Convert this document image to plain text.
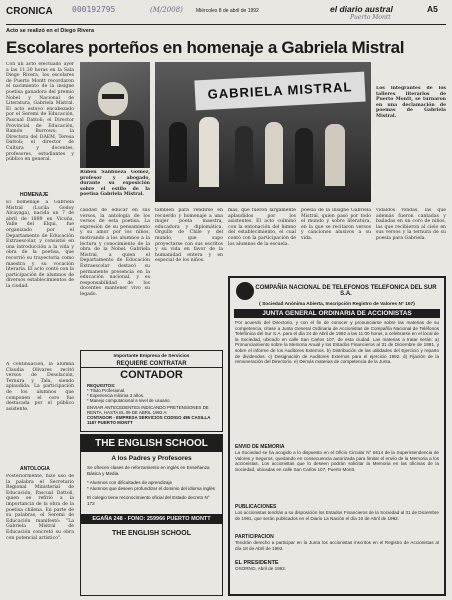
CRONICA 000192795	(M/2008)	Miércoles 8 de abril de 1992	el diario austral	A5
Puerto Montt
Acto se realizó en el Diego Rivera
Escolares porteños en homenaje a Gabriela Mistral
Con un acto efectuado ayer a las 11.30 horas en la Sala Diego Rivera, los escolares de Puerto Montt recordaron el nacimiento de la insigne poetisa ganadora del premio Nobel y Nacional de Literatura, Gabriela Mistral. El acto estuvo encabezado por el Seremi de Educación, Pascual Dattoli; el Director Provincial de Educación, Ramón Burrows; la Directora del DAEM, Teresa Dattoli; el director de Cultura y docentes, profesores, estudiantes y público en general.
HOMENAJE
El homenaje a Gabriela Mistral (Lucila Godoy Alcayaga), nacida un 7 de abril de 1889 en Vicuña, Valle del Elqui, fue organizado por el Departamento de Educación Extraescolar, y consistió en una introducción a la vida y obra de la poetisa, que recorrió su trayectoria como maestra y su vocación literaria. El acto contó con la participación de alumnos de diversos establecimientos de la ciudad.
A continuación, la alumna Claudia Olivares recitó versos de Desolación, Ternura y Tala, siendo aplaudida. La participación de los alumnos que componen el coro fue destacada por el público asistente.
ANTOLOGIA
Posteriormente, hizo uso de la palabra el Secretario Regional Ministerial de Educación, Pascual Dattoli, quien se refirió a la importancia de la obra de la poetisa chilena. En parte de su palabras, el Seremi de Educación manifestó: "La Gabriela Mistral de Educación concretó su obra con potencial artístico".
Rubén Sanhueza Gómez, profesor y abogado, durante su exposición sobre el estilo de la poetisa Gabriela Mistral.
GABRIELA MISTRAL	Los integrantes de los talleres literarios de Puerto Montt, se turnaron en una declamación de poemas de Gabriela Mistral.
calidad de educar en sus versos, la antología de los versos de esta poetisa. La expresión de su pensamiento y su amor por los niños, motivando a los alumnos a la lectura y conocimiento de la obra de la Nobel. Gabriela Mistral, a quien el Departamento de Educación Extraescolar destacó su permanente presencia en la educación nacional, y es responsabilidad de los docentes mantener vivo su legado.
también para rendirse en recuerdo y homenaje a una mujer poeta maestra, educadora y diplomática. Orgullo de Chile y del mundo, que supo proyectarse con sus escritos y su vida en favor de la humanidad entera y en especial de los niños.
mas, que fueron largamente aplaudidos por los asistentes. El acto culminó con la entonación del himno del establecimiento, el cual contó con la participación de los alumnos de la escuela.
poesía de la insigne Gabriela Mistral, quien pasó por todo el mundo y sobre literatura, en la que se recitaron versos y canciones alusivos a su vida.
vidaldos rondas, las que además fueron cantadas y bailadas en un coro de niños, las que recibieron al cielo en sus versos y la ternura de su poesía para Gabriela.
Importante Empresa de Servicios
REQUIERE CONTRATAR
CONTADOR
REQUISITOS:
* Título Profesional.
* Experiencia mínima 3 años.
* Manejo computacional a nivel de usuario.
ENVIAR ANTECEDENTES INDICANDO PRETENSIONES DE RENTA, HASTA EL 09 DE ABRIL 1992 A:
CONTADOR - EMPRESA SERVICIOS CODIGO 486 CASILLA 1187 PUERTO MONTT
THE ENGLISH SCHOOL
A los Padres y Profesores
Se ofrecen clases de reforzamiento en inglés en Enseñanza Básica y Media.
* Alumnos con dificultades de aprendizaje
* Alumnos que deseen profundizar el dominio del idioma inglés
El colegio tiene reconocimiento oficial del Estado decreto N° 172
EGAÑA 248 - FONO: 259966 PUERTO MONTT
THE ENGLISH SCHOOL
COMPAÑIA NACIONAL DE TELEFONOS TELEFONICA DEL SUR S.A.
( Sociedad Anónima Abierta, Inscripción Registro de Valores N° 167)
JUNTA GENERAL ORDINARIA DE ACCIONISTAS
Por acuerdo del Directorio, y con el fin de conocer y pronunciarse sobre las materias de su competencia, cítase a Junta General Ordinaria de Accionistas de Compañía Nacional de Teléfonos Telefónica del Sur S.A. para el día 24 de Abril de 1992 a las 11:00 horas, a celebrarse en el local de la Sociedad, ubicado en calle San Carlos 107, de esta ciudad. Las materias a tratar serán: a) Pronunciamiento sobre la Memoria Anual y los Estados Financieros al 31 de Diciembre de 1991, y sobre el informe de los Auditores Externos. b) Distribución de las utilidades del Ejercicio y reparto de dividendos. c) Designación de Auditores Externos para el ejercicio 1992. d) Fijación de la remuneración del Directorio. e) Demás materias de competencia de la Junta.
ENVIO DE MEMORIA
La Sociedad se ha acogido a lo dispuesto en el Oficio Circular N° 6614 de la Superintendencia de Valores y Seguros, quedando en consecuencia autorizada para limitar el envío de la Memoria a los accionistas. Los accionistas que lo deseen podrán solicitar la Memoria en las oficinas de la Sociedad, ubicadas en calle San Carlos 107, Puerto Montt.
PUBLICACIONES
Los accionistas tendrán a su disposición los Estados Financieros de la Sociedad al 31 de Diciembre de 1991, que serán publicados en el Diario La Nación el día 10 de Abril de 1992.
PARTICIPACION
Tendrán derecho a participar en la Junta los accionistas inscritos en el Registro de Accionistas al día 18 de Abril de 1992.
EL PRESIDENTE
OSORNO, Abril de 1992.
